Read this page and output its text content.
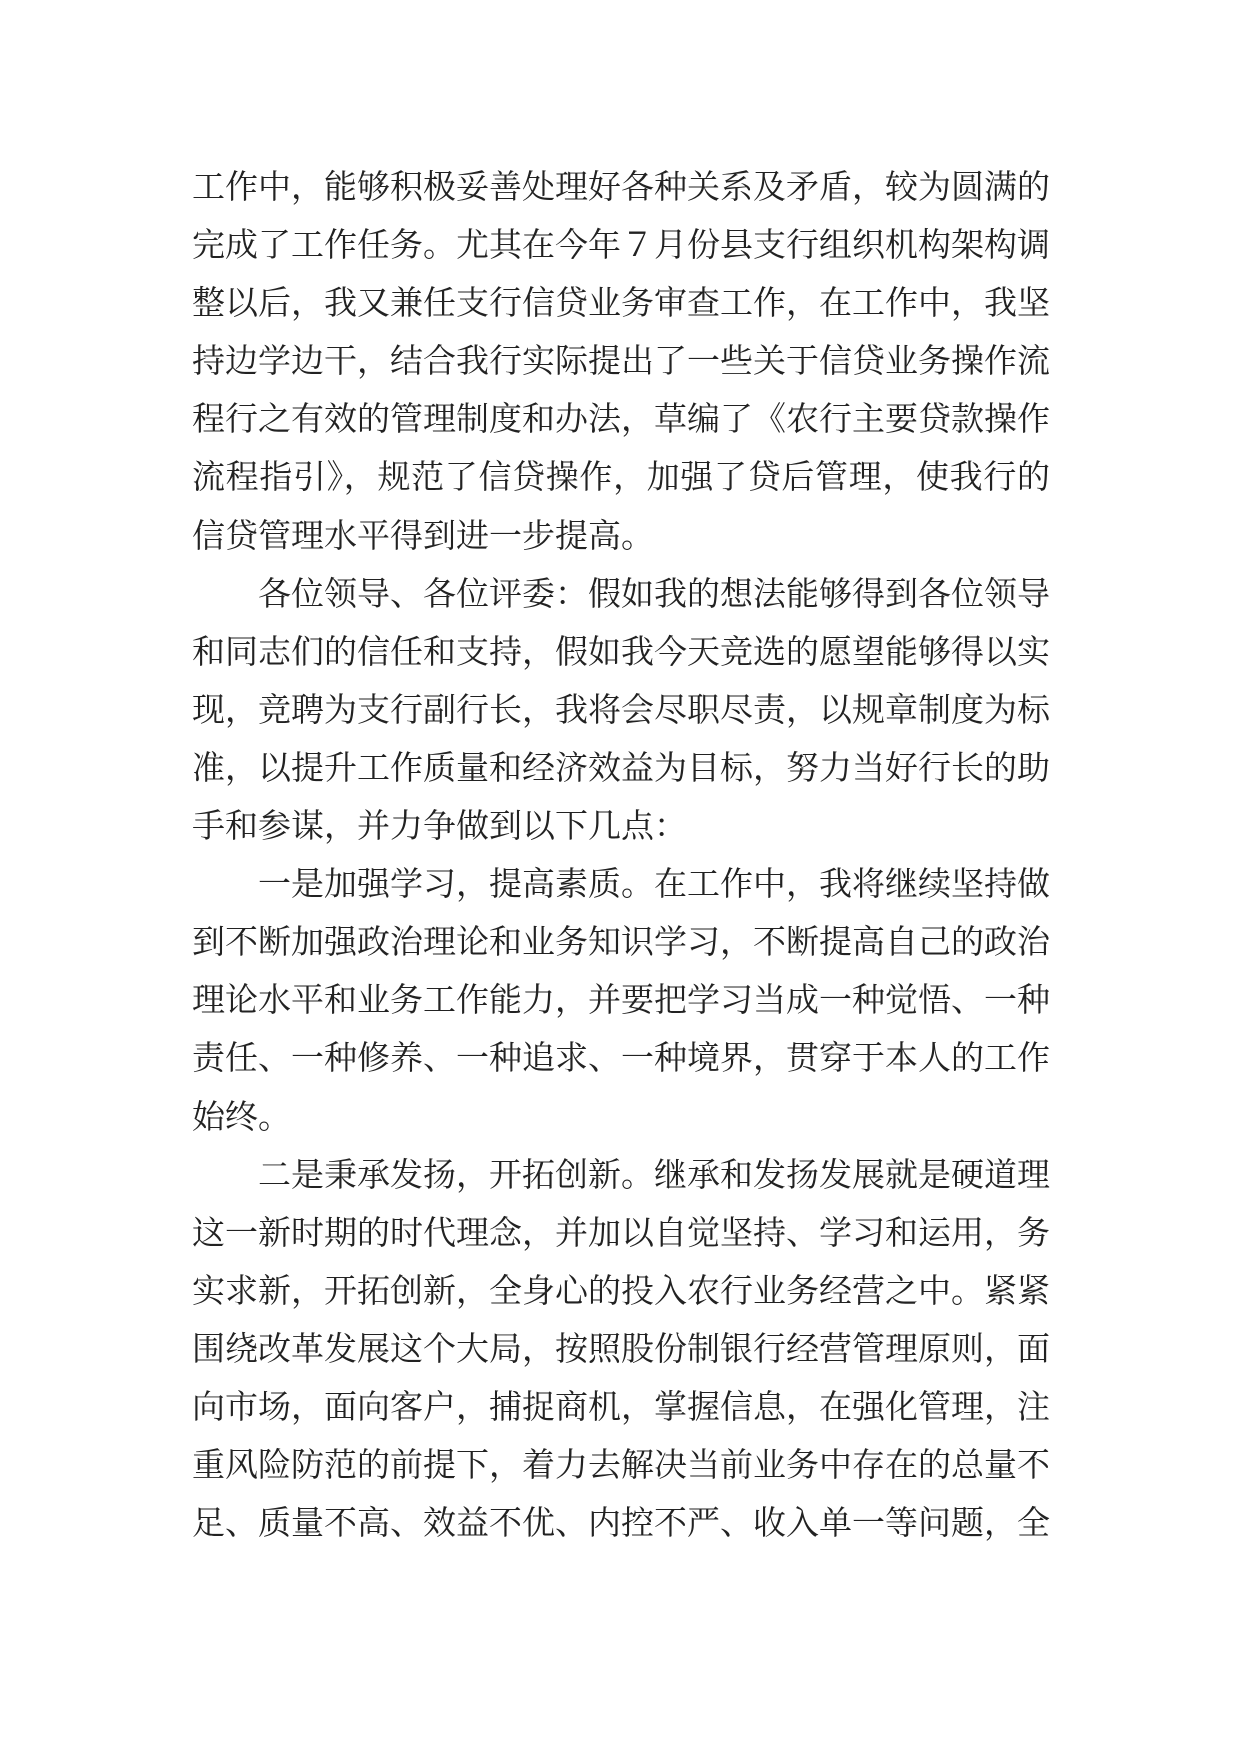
工作中，能够积极妥善处理好各种关系及矛盾，较为圆满的
完成了工作任务。尤其在今年７月份县支行组织机构架构调
整以后，我又兼任支行信贷业务审查工作，在工作中，我坚
持边学边干，结合我行实际提出了一些关于信贷业务操作流
程行之有效的管理制度和办法，草编了《农行主要贷款操作
流程指引》，规范了信贷操作，加强了贷后管理，使我行的
信贷管理水平得到进一步提高。
各位领导、各位评委：假如我的想法能够得到各位领导
和同志们的信任和支持，假如我今天竞选的愿望能够得以实
现，竞聘为支行副行长，我将会尽职尽责，以规章制度为标
准，以提升工作质量和经济效益为目标，努力当好行长的助
手和参谋，并力争做到以下几点：
一是加强学习，提高素质。在工作中，我将继续坚持做
到不断加强政治理论和业务知识学习，不断提高自己的政治
理论水平和业务工作能力，并要把学习当成一种觉悟、一种
责任、一种修养、一种追求、一种境界，贯穿于本人的工作
始终。
二是秉承发扬，开拓创新。继承和发扬发展就是硬道理
这一新时期的时代理念，并加以自觉坚持、学习和运用，务
实求新，开拓创新，全身心的投入农行业务经营之中。紧紧
围绕改革发展这个大局，按照股份制银行经营管理原则，面
向市场，面向客户，捕捉商机，掌握信息，在强化管理，注
重风险防范的前提下，着力去解决当前业务中存在的总量不
足、质量不高、效益不优、内控不严、收入单一等问题，全
